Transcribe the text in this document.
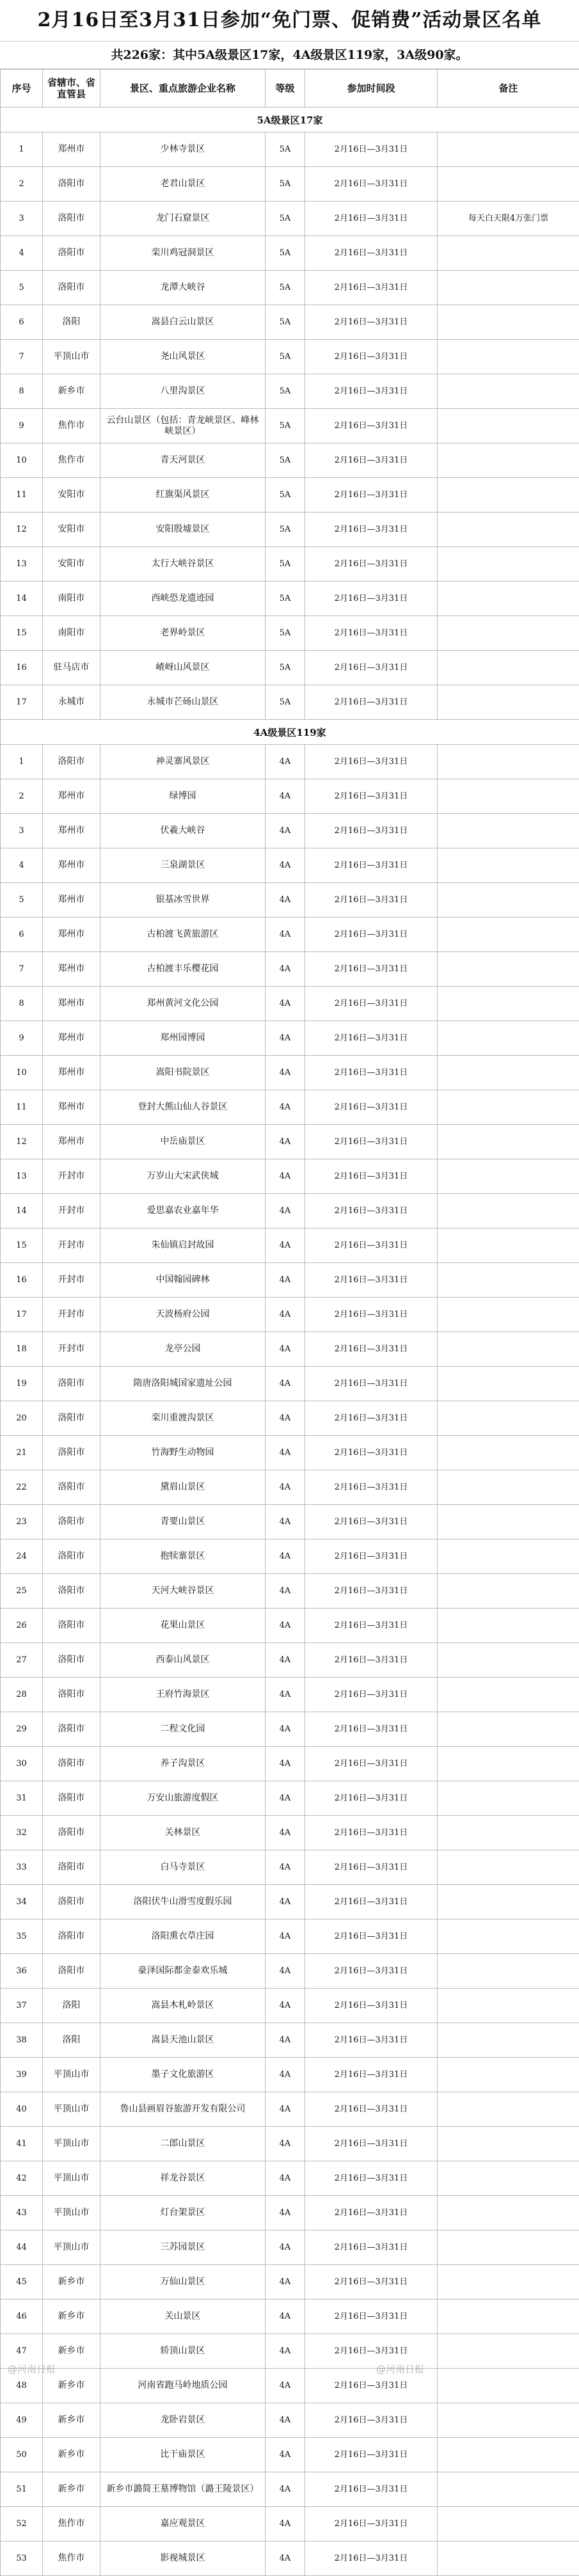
2月16日至3月31日参加“免门票、促销费”活动景区名单
共226家：其中5A级景区17家，4A级景区119家，3A级90家。
序号	省辖市、省直管县	景区、重点旅游企业名称	等级	参加时间段	备注
5A级景区17家					
1	郑州市	少林寺景区	5A	2月16日—3月31日	
2	洛阳市	老君山景区	5A	2月16日—3月31日	
3	洛阳市	龙门石窟景区	5A	2月16日—3月31日	每天白天限4万张门票
4	洛阳市	栾川鸡冠洞景区	5A	2月16日—3月31日	
5	洛阳市	龙潭大峡谷	5A	2月16日—3月31日	
6	洛阳	嵩县白云山景区	5A	2月16日—3月31日	
7	平顶山市	尧山风景区	5A	2月16日—3月31日	
8	新乡市	八里沟景区	5A	2月16日—3月31日	
9	焦作市	云台山景区（包括：青龙峡景区、峰林峡景区）	5A	2月16日—3月31日	
10	焦作市	青天河景区	5A	2月16日—3月31日	
11	安阳市	红旗渠风景区	5A	2月16日—3月31日	
12	安阳市	安阳殷墟景区	5A	2月16日—3月31日	
13	安阳市	太行大峡谷景区	5A	2月16日—3月31日	
14	南阳市	西峡恐龙遗迹园	5A	2月16日—3月31日	
15	南阳市	老界岭景区	5A	2月16日—3月31日	
16	驻马店市	嵖岈山风景区	5A	2月16日—3月31日	
17	永城市	永城市芒砀山景区	5A	2月16日—3月31日	
4A级景区119家					
1	洛阳市	神灵寨风景区	4A	2月16日—3月31日	
2	郑州市	绿博园	4A	2月16日—3月31日	
3	郑州市	伏羲大峡谷	4A	2月16日—3月31日	
4	郑州市	三泉湖景区	4A	2月16日—3月31日	
5	郑州市	银基冰雪世界	4A	2月16日—3月31日	
6	郑州市	古柏渡飞黄旅游区	4A	2月16日—3月31日	
7	郑州市	古柏渡丰乐樱花园	4A	2月16日—3月31日	
8	郑州市	郑州黄河文化公园	4A	2月16日—3月31日	
9	郑州市	郑州园博园	4A	2月16日—3月31日	
10	郑州市	嵩阳书院景区	4A	2月16日—3月31日	
11	郑州市	登封大熊山仙人谷景区	4A	2月16日—3月31日	
12	郑州市	中岳庙景区	4A	2月16日—3月31日	
13	开封市	万岁山大宋武侠城	4A	2月16日—3月31日	
14	开封市	爱思嘉农业嘉年华	4A	2月16日—3月31日	
15	开封市	朱仙镇启封故园	4A	2月16日—3月31日	
16	开封市	中国翰园碑林	4A	2月16日—3月31日	
17	开封市	天波杨府公园	4A	2月16日—3月31日	
18	开封市	龙亭公园	4A	2月16日—3月31日	
19	洛阳市	隋唐洛阳城国家遗址公园	4A	2月16日—3月31日	
20	洛阳市	栾川重渡沟景区	4A	2月16日—3月31日	
21	洛阳市	竹海野生动物园	4A	2月16日—3月31日	
22	洛阳市	黛眉山景区	4A	2月16日—3月31日	
23	洛阳市	青要山景区	4A	2月16日—3月31日	
24	洛阳市	抱犊寨景区	4A	2月16日—3月31日	
25	洛阳市	天河大峡谷景区	4A	2月16日—3月31日	
26	洛阳市	花果山景区	4A	2月16日—3月31日	
27	洛阳市	西泰山风景区	4A	2月16日—3月31日	
28	洛阳市	王府竹海景区	4A	2月16日—3月31日	
29	洛阳市	二程文化园	4A	2月16日—3月31日	
30	洛阳市	养子沟景区	4A	2月16日—3月31日	
31	洛阳市	万安山旅游度假区	4A	2月16日—3月31日	
32	洛阳市	关林景区	4A	2月16日—3月31日	
33	洛阳市	白马寺景区	4A	2月16日—3月31日	
34	洛阳市	洛阳伏牛山滑雪度假乐园	4A	2月16日—3月31日	
35	洛阳市	洛阳熏衣草庄园	4A	2月16日—3月31日	
36	洛阳市	豪泽国际都金泰欢乐城	4A	2月16日—3月31日	
37	洛阳	嵩县木札岭景区	4A	2月16日—3月31日	
38	洛阳	嵩县天池山景区	4A	2月16日—3月31日	
39	平顶山市	墨子文化旅游区	4A	2月16日—3月31日	
40	平顶山市	鲁山县画眉谷旅游开发有限公司	4A	2月16日—3月31日	
41	平顶山市	二郎山景区	4A	2月16日—3月31日	
42	平顶山市	祥龙谷景区	4A	2月16日—3月31日	
43	平顶山市	灯台架景区	4A	2月16日—3月31日	
44	平顶山市	三苏园景区	4A	2月16日—3月31日	
45	新乡市	万仙山景区	4A	2月16日—3月31日	
46	新乡市	关山景区	4A	2月16日—3月31日	
47	新乡市	轿顶山景区	4A	2月16日—3月31日	
48	新乡市	河南省跑马岭地质公园	4A	2月16日—3月31日	
49	新乡市	龙卧岩景区	4A	2月16日—3月31日	
50	新乡市	比干庙景区	4A	2月16日—3月31日	
51	新乡市	新乡市潞简王墓博物馆（潞王陵景区）	4A	2月16日—3月31日	
52	焦作市	嘉应观景区	4A	2月16日—3月31日	
53	焦作市	影视城景区	4A	2月16日—3月31日	
@河南日报	@河南日报
